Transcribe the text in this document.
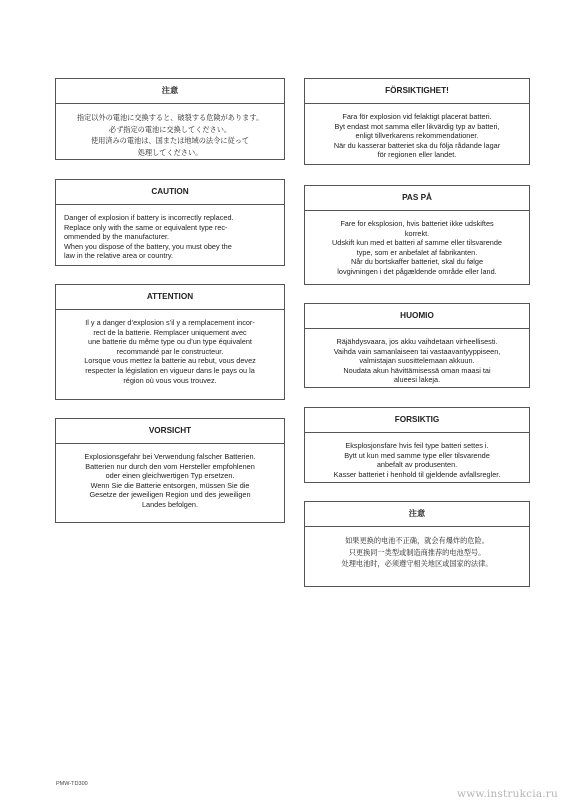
注意
指定以外の電池に交換すると、破裂する危険があります。
必ず指定の電池に交換してください。
使用済みの電池は、国または地域の法令に従って
処理してください。
CAUTION
Danger of explosion if battery is incorrectly replaced.
Replace only with the same or equivalent type rec-
ommended by the manufacturer.
When you dispose of the battery, you must obey the
law in the relative area or country.
ATTENTION
Il y a danger d’explosion s’il y a remplacement incor-
rect de la batterie. Remplacer uniquement avec
une batterie du même type ou d’un type équivalent
recommandé par le constructeur.
Lorsque vous mettez la batterie au rebut, vous devez
respecter la législation en vigueur dans le pays ou la
région où vous vous trouvez.
VORSICHT
Explosionsgefahr bei Verwendung falscher Batterien.
Batterien nur durch den vom Hersteller empfohlenen
oder einen gleichwertigen Typ ersetzen.
Wenn Sie die Batterie entsorgen, müssen Sie die
Gesetze der jeweiligen Region und des jeweiligen
Landes befolgen.
FÖRSIKTIGHET!
Fara för explosion vid felaktigt placerat batteri.
Byt endast mot samma eller likvärdig typ av batteri,
enligt tillverkarens rekommendationer.
När du kasserar batteriet ska du följa rådande lagar
för regionen eller landet.
PAS PÅ
Fare for eksplosion, hvis batteriet ikke udskiftes
korrekt.
Udskift kun med et batteri af samme eller tilsvarende
type, som er anbefalet af fabrikanten.
Når du bortskaffer batteriet, skal du følge
lovgivningen i det pågældende område eller land.
HUOMIO
Räjähdysvaara, jos akku vaihdetaan virheellisesti.
Vaihda vain samanlaiseen tai vastaavantyyppiseen,
valmistajan suosittelemaan akkuun.
Noudata akun hävittämisessä oman maasi tai
alueesi lakeja.
FORSIKTIG
Eksplosjonsfare hvis feil type batteri settes i.
Bytt ut kun med samme type eller tilsvarende
anbefalt av produsenten.
Kasser batteriet i henhold til gjeldende avfallsregler.
注意
如果更换的电池不正确，就会有爆炸的危险。
只更换同一类型或制造商推荐的电池型号。
处理电池时，必须遵守相关地区或国家的法律。
PMW-TD300
www.instrukcia.ru
